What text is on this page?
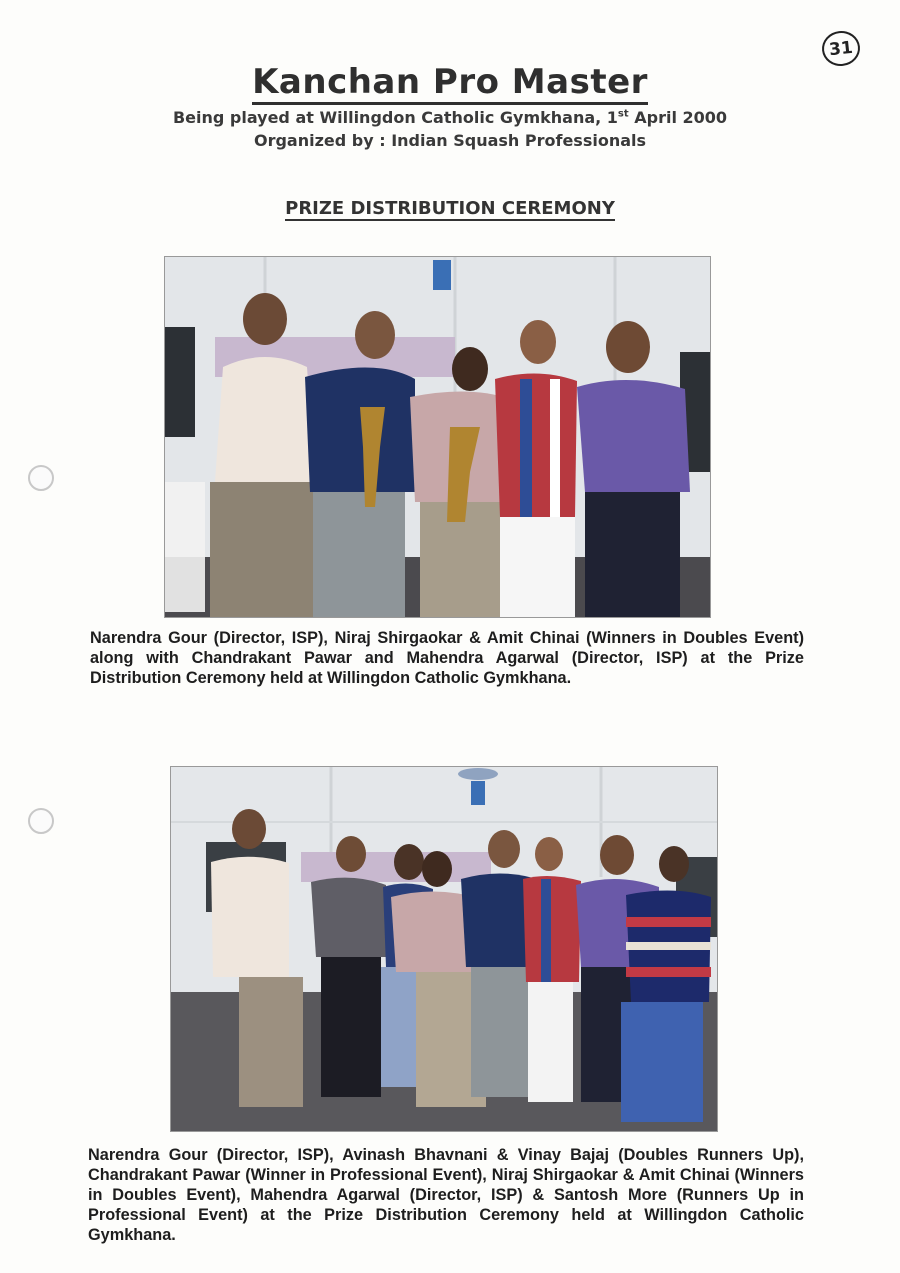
31
Kanchan Pro Master
Being played at Willingdon Catholic Gymkhana, 1st April 2000
Organized by : Indian Squash Professionals
PRIZE DISTRIBUTION CEREMONY
Narendra Gour (Director, ISP), Niraj Shirgaokar & Amit Chinai (Winners in Doubles Event) along with Chandrakant Pawar and Mahendra Agarwal (Director, ISP) at the Prize Distribution Ceremony held at Willingdon Catholic Gymkhana.
Narendra Gour (Director, ISP), Avinash Bhavnani & Vinay Bajaj (Doubles Runners Up), Chandrakant Pawar (Winner in Professional Event), Niraj Shirgaokar & Amit Chinai (Winners in Doubles Event), Mahendra Agarwal (Director, ISP) & Santosh More (Runners Up in Professional Event) at the Prize Distribution Ceremony held at Willingdon Catholic Gymkhana.
